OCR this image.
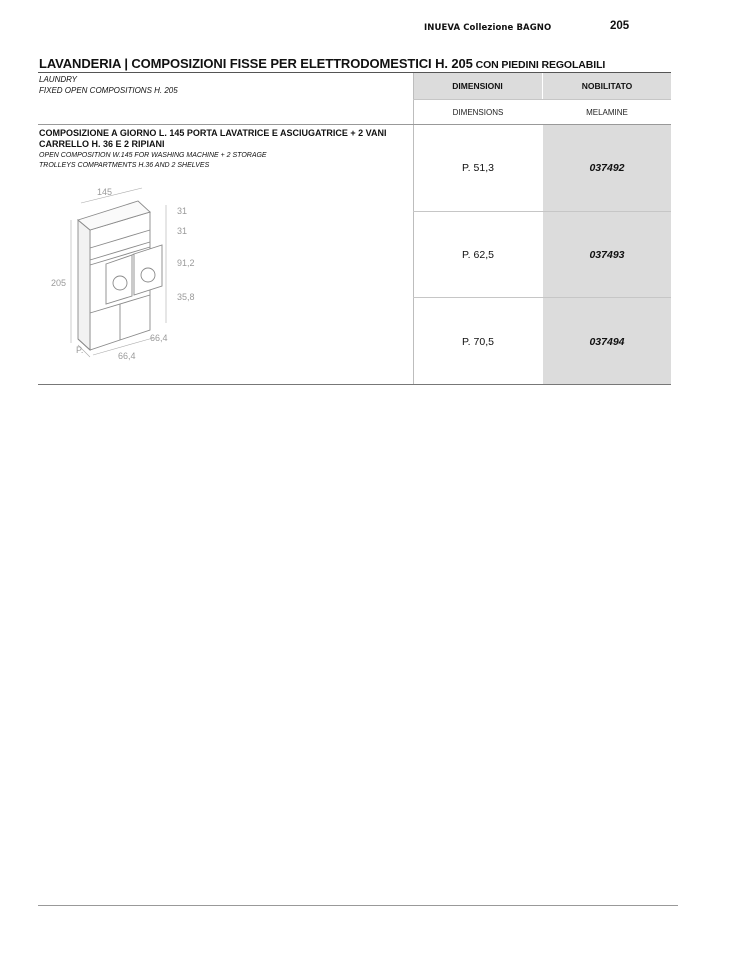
INUEVA Collezione BAGNO	205
LAVANDERIA | COMPOSIZIONI FISSE PER ELETTRODOMESTICI H. 205 CON PIEDINI REGOLABILI
LAUNDRY
FIXED OPEN COMPOSITIONS H. 205	DIMENSIONI	NOBILITATO
DIMENSIONS	MELAMINE
COMPOSIZIONE A GIORNO L. 145 PORTA LAVATRICE E ASCIUGATRICE + 2 VANI CARRELLO H. 36 E 2 RIPIANI
OPEN COMPOSITION W.145 FOR WASHING MACHINE + 2 STORAGE
TROLLEYS COMPARTMENTS H.36 AND 2 SHELVES	P. 51,3	037492
P. 62,5	037493
P. 70,5	037494
145
31
31
91,2
35,8
205
66,4
P.
66,4
